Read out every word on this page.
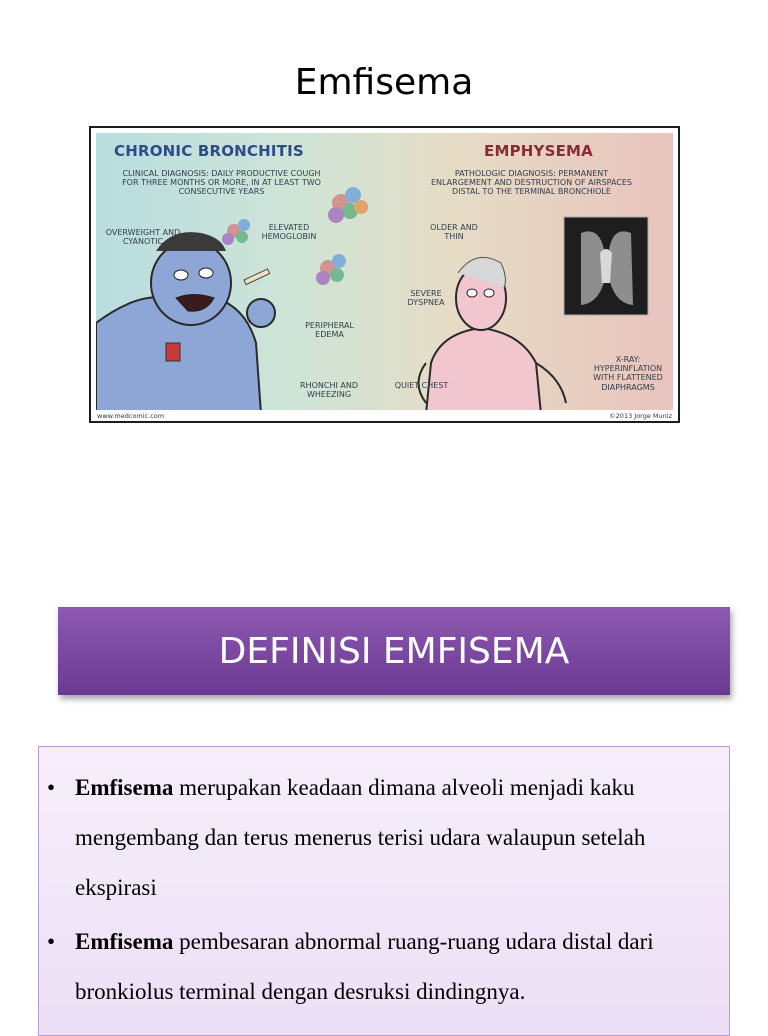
Emfisema
CHRONIC BRONCHITIS	EMPHYSEMA
CLINICAL DIAGNOSIS: DAILY PRODUCTIVE COUGH FOR THREE MONTHS OR MORE, IN AT LEAST TWO CONSECUTIVE YEARS
PATHOLOGIC DIAGNOSIS: PERMANENT ENLARGEMENT AND DESTRUCTION OF AIRSPACES DISTAL TO THE TERMINAL BRONCHIOLE
OVERWEIGHT AND CYANOTIC
ELEVATED HEMOGLOBIN
PERIPHERAL EDEMA
RHONCHI AND WHEEZING
OLDER AND THIN
SEVERE DYSPNEA
QUIET CHEST
X-RAY: HYPERINFLATION WITH FLATTENED DIAPHRAGMS
www.medcomic.com	©2013 Jorge Muniz
DEFINISI EMFISEMA
• Emfisema merupakan keadaan dimana alveoli menjadi kaku mengembang dan terus menerus terisi udara walaupun setelah ekspirasi
• Emfisema pembesaran abnormal ruang-ruang udara distal dari bronkiolus terminal dengan desruksi dindingnya.
